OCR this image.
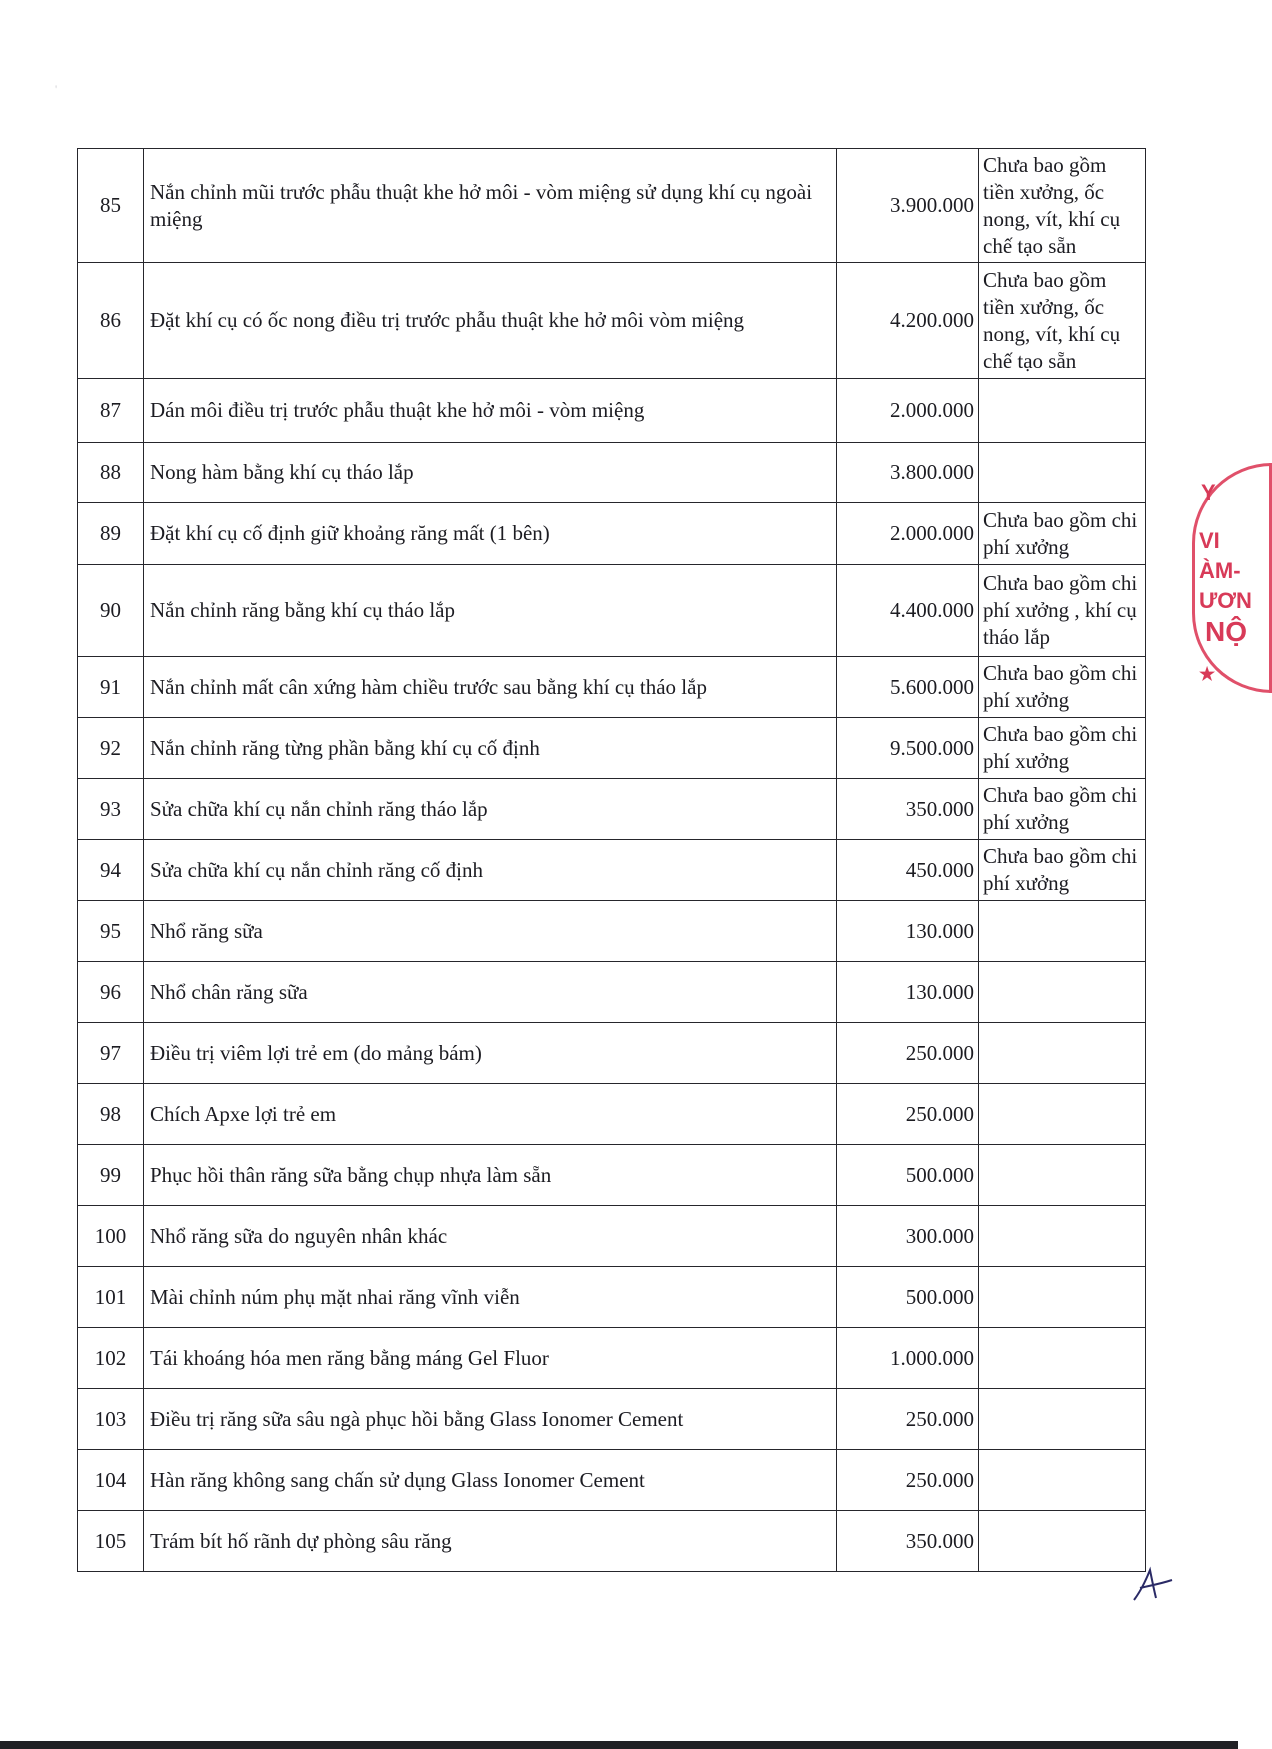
'
85	Nắn chỉnh mũi trước phẫu thuật khe hở môi - vòm miệng sử dụng khí cụ ngoài miệng	3.900.000	Chưa bao gồm tiền xưởng, ốc nong, vít, khí cụ chế tạo sẵn
86	Đặt khí cụ có ốc nong điều trị trước phẫu thuật khe hở môi vòm miệng	4.200.000	Chưa bao gồm tiền xưởng, ốc nong, vít, khí cụ chế tạo sẵn
87	Dán môi điều trị trước phẫu thuật khe hở môi - vòm miệng	2.000.000	
88	Nong hàm bằng khí cụ tháo lắp	3.800.000	
89	Đặt khí cụ cố định giữ khoảng răng mất (1 bên)	2.000.000	Chưa bao gồm chi phí xưởng
90	Nắn chỉnh răng bằng khí cụ tháo lắp	4.400.000	Chưa bao gồm chi phí xưởng , khí cụ tháo lắp
91	Nắn chỉnh mất cân xứng hàm chiều trước sau bằng khí cụ tháo lắp	5.600.000	Chưa bao gồm chi phí xưởng
92	Nắn chỉnh răng từng phần bằng khí cụ cố định	9.500.000	Chưa bao gồm chi phí xưởng
93	Sửa chữa khí cụ nắn chỉnh răng tháo lắp	350.000	Chưa bao gồm chi phí xưởng
94	Sửa chữa khí cụ nắn chỉnh răng cố định	450.000	Chưa bao gồm chi phí xưởng
95	Nhổ răng sữa	130.000	
96	Nhổ chân răng sữa	130.000	
97	Điều trị viêm lợi trẻ em (do mảng bám)	250.000	
98	Chích Apxe lợi trẻ em	250.000	
99	Phục hồi thân răng sữa bằng chụp nhựa làm sẵn	500.000	
100	Nhổ răng sữa do nguyên nhân khác	300.000	
101	Mài chỉnh núm phụ mặt nhai răng vĩnh viễn	500.000	
102	Tái khoáng hóa men răng bằng máng Gel Fluor	1.000.000	
103	Điều trị răng sữa sâu ngà phục hồi bằng Glass Ionomer Cement	250.000	
104	Hàn răng không sang chấn sử dụng Glass Ionomer Cement	250.000	
105	Trám bít hố rãnh dự phòng sâu răng	350.000	
Y
VI
ÀM-
ƯƠN
NỘ
★
